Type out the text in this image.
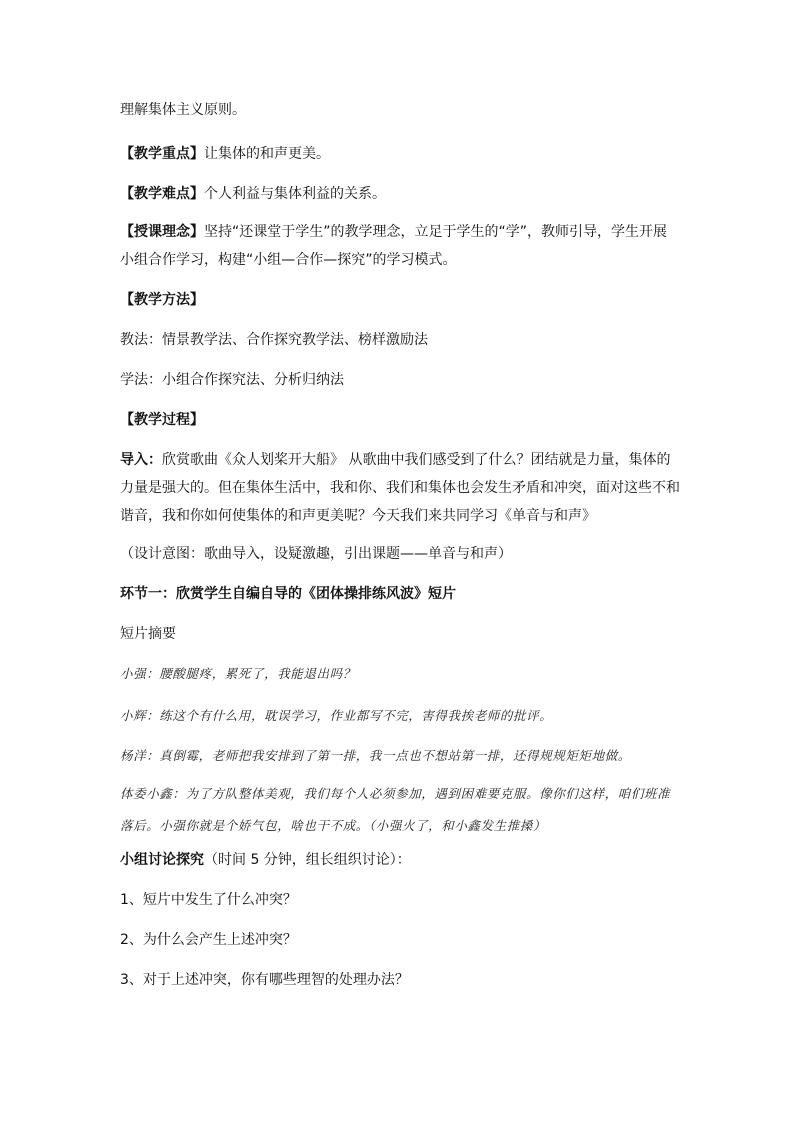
理解集体主义原则。
【教学重点】让集体的和声更美。
【教学难点】个人利益与集体利益的关系。
【授课理念】坚持“还课堂于学生”的教学理念，立足于学生的“学”，教师引导，学生开展小组合作学习，构建“小组—合作—探究”的学习模式。
【教学方法】
教法：情景教学法、合作探究教学法、榜样激励法
学法：小组合作探究法、分析归纳法
【教学过程】
导入：欣赏歌曲《众人划桨开大船》 从歌曲中我们感受到了什么？团结就是力量，集体的力量是强大的。但在集体生活中，我和你、我们和集体也会发生矛盾和冲突，面对这些不和谐音，我和你如何使集体的和声更美呢？今天我们来共同学习《单音与和声》
（设计意图：歌曲导入，设疑激趣，引出课题——单音与和声）
环节一：欣赏学生自编自导的《团体操排练风波》短片
短片摘要
小强：腰酸腿疼，累死了，我能退出吗？
小辉：练这个有什么用，耽误学习，作业都写不完，害得我挨老师的批评。
杨洋：真倒霉，老师把我安排到了第一排，我一点也不想站第一排，还得规规矩矩地做。
体委小鑫：为了方队整体美观，我们每个人必须参加，遇到困难要克服。像你们这样，咱们班准落后。小强你就是个娇气包，啥也干不成。（小强火了，和小鑫发生推搡）
小组讨论探究（时间 5 分钟，组长组织讨论）：
1、短片中发生了什么冲突？
2、为什么会产生上述冲突？
3、对于上述冲突，你有哪些理智的处理办法？
